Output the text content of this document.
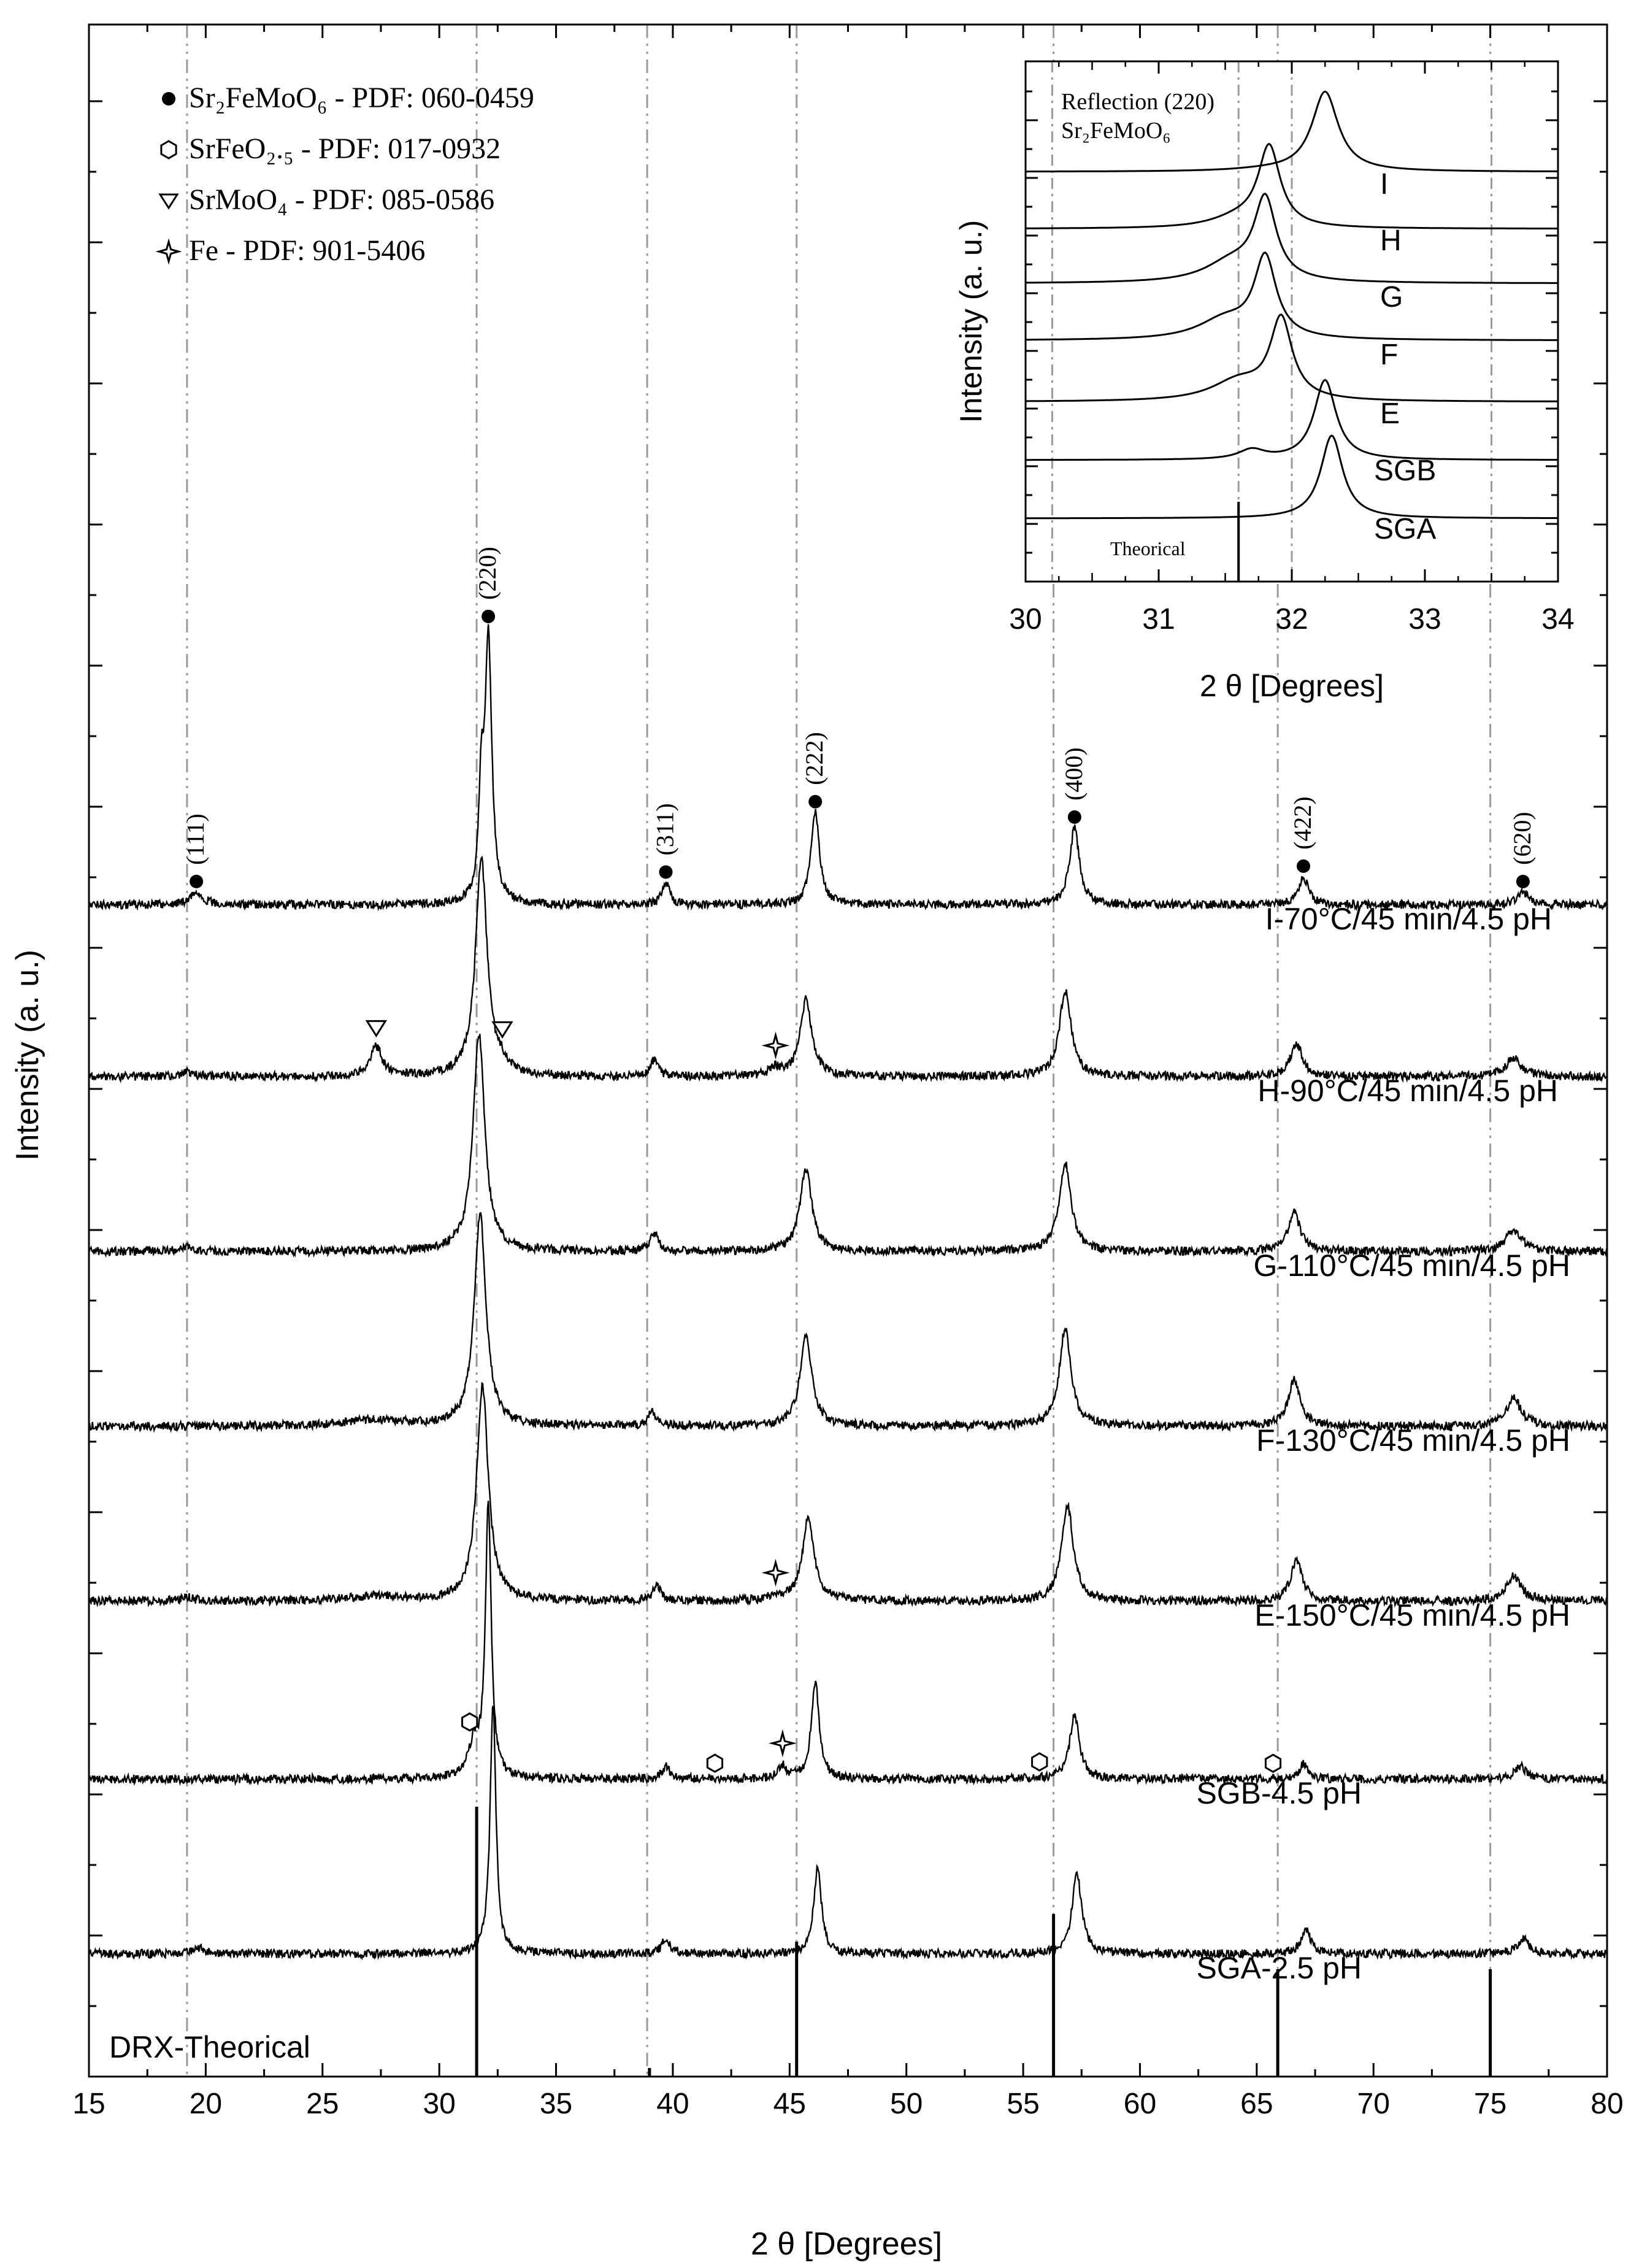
(111)
(220)
(311)
(222)	(400)
(422)	(620)
I-70°C/45 min/4.5 pH
H-90°C/45 min/4.5 pH
G-110°C/45 min/4.5 pH
F-130°C/45 min/4.5 pH
E-150°C/45 min/4.5 pH
SGB-4.5 pH
SGA-2.5 pH
15	20	25	30	35	40	45	50	55	60	65	70	75	80
2 θ [Degrees]
Intensity (a. u.)
DRX-Theorical
Sr₂FeMoO₆ - PDF: 060-0459
SrFeO₂.₅ - PDF: 017-0932
SrMoO₄ - PDF: 085-0586
Fe - PDF: 901-5406
I
H
G
F
E
SGB
SGA
30	31	32	33	34
Reflection (220)
Sr₂FeMoO₆
Theorical
2 θ [Degrees]
Intensity (a. u.)
